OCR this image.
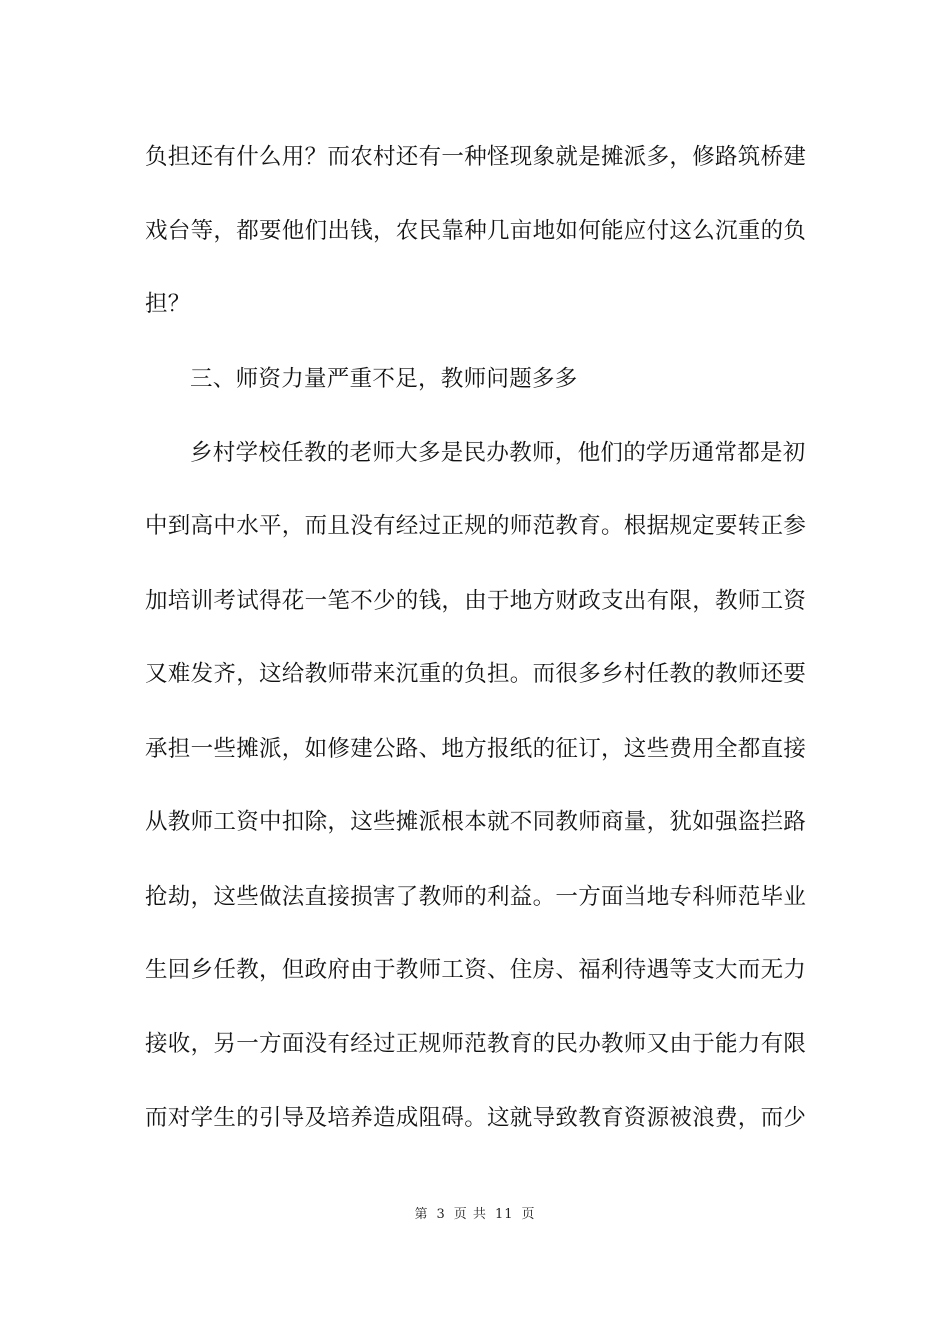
负担还有什么用？而农村还有一种怪现象就是摊派多，修路筑桥建
戏台等，都要他们出钱，农民靠种几亩地如何能应付这么沉重的负
担？
三、师资力量严重不足，教师问题多多
乡村学校任教的老师大多是民办教师，他们的学历通常都是初
中到高中水平，而且没有经过正规的师范教育。根据规定要转正参
加培训考试得花一笔不少的钱，由于地方财政支出有限，教师工资
又难发齐，这给教师带来沉重的负担。而很多乡村任教的教师还要
承担一些摊派，如修建公路、地方报纸的征订，这些费用全都直接
从教师工资中扣除，这些摊派根本就不同教师商量，犹如强盗拦路
抢劫，这些做法直接损害了教师的利益。一方面当地专科师范毕业
生回乡任教，但政府由于教师工资、住房、福利待遇等支大而无力
接收，另一方面没有经过正规师范教育的民办教师又由于能力有限
而对学生的引导及培养造成阻碍。这就导致教育资源被浪费，而少
第 3 页 共 11 页
